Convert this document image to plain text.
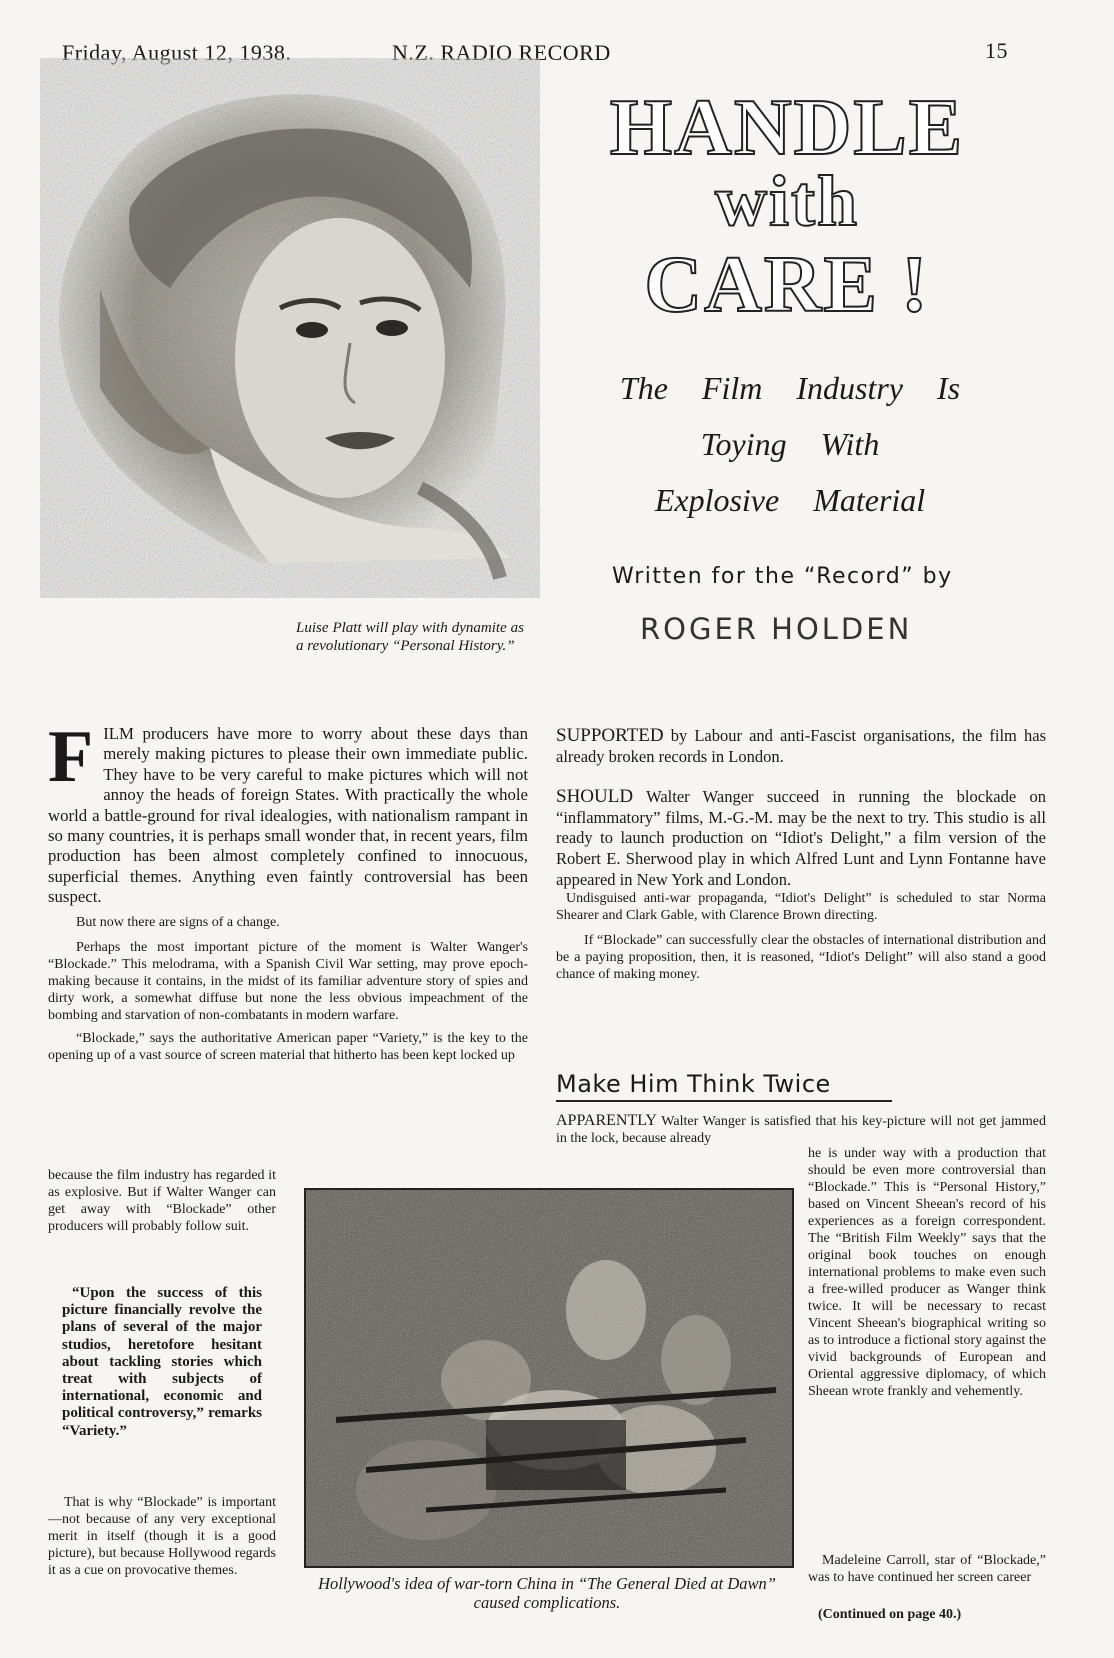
Friday, August 12, 1938.	N.Z. RADIO RECORD	15
Luise Platt will play with dynamite as a revolutionary “Personal History.”
HANDLE
with
CARE !
The Film Industry Is
Toying With
Explosive Material
Written for the “Record” by
ROGER HOLDEN
F ILM producers have more to worry about these days than merely making pictures to please their own immediate public. They have to be very careful to make pictures which will not annoy the heads of foreign States. With practically the whole world a battle-ground for rival idealogies, with nationalism rampant in so many countries, it is perhaps small wonder that, in recent years, film production has been almost completely confined to innocuous, superficial themes. Anything even faintly controversial has been suspect.

But now there are signs of a change.

Perhaps the most important picture of the moment is Walter Wanger's “Blockade.” This melodrama, with a Spanish Civil War setting, may prove epoch-making because it contains, in the midst of its familiar adventure story of spies and dirty work, a somewhat diffuse but none the less obvious impeachment of the bombing and starvation of non-combatants in modern warfare.

“Blockade,” says the authoritative American paper “Variety,” is the key to the opening up of a vast source of screen material that hitherto has been kept locked up

because the film industry has regarded it as explosive. But if Walter Wanger can get away with “Blockade” other producers will probably follow suit.
“Upon the success of this picture financially revolve the plans of several of the major studios, heretofore hesitant about tackling stories which treat with subjects of international, economic and political controversy,” remarks “Variety.”
That is why “Blockade” is important—not because of any very exceptional merit in itself (though it is a good picture), but because Hollywood regards it as a cue on provocative themes.

SUPPORTED by Labour and anti-Fascist organisations, the film has already broken records in London.

SHOULD Walter Wanger succeed in running the blockade on “inflammatory” films, M.-G.-M. may be the next to try. This studio is all ready to launch production on “Idiot's Delight,” a film version of the Robert E. Sherwood play in which Alfred Lunt and Lynn Fontanne have appeared in New York and London.

Undisguised anti-war propaganda, “Idiot's Delight” is scheduled to star Norma Shearer and Clark Gable, with Clarence Brown directing.

If “Blockade” can successfully clear the obstacles of international distribution and be a paying proposition, then, it is reasoned, “Idiot's Delight” will also stand a good chance of making money.

Make Him Think Twice
APPARENTLY Walter Wanger is satisfied that his key-picture will not get jammed in the lock, because already
he is under way with a production that should be even more controversial than “Blockade.” This is “Personal History,” based on Vincent Sheean's record of his experiences as a foreign correspondent. The “British Film Weekly” says that the original book touches on enough international problems to make even such a free-willed producer as Wanger think twice. It will be necessary to recast Vincent Sheean's biographical writing so as to introduce a fictional story against the vivid backgrounds of European and Oriental aggressive diplomacy, of which Sheean wrote frankly and vehemently.
Madeleine Carroll, star of “Blockade,” was to have continued her screen career
(Continued on page 40.)
Hollywood's idea of war-torn China in “The General Died at Dawn” caused complications.
